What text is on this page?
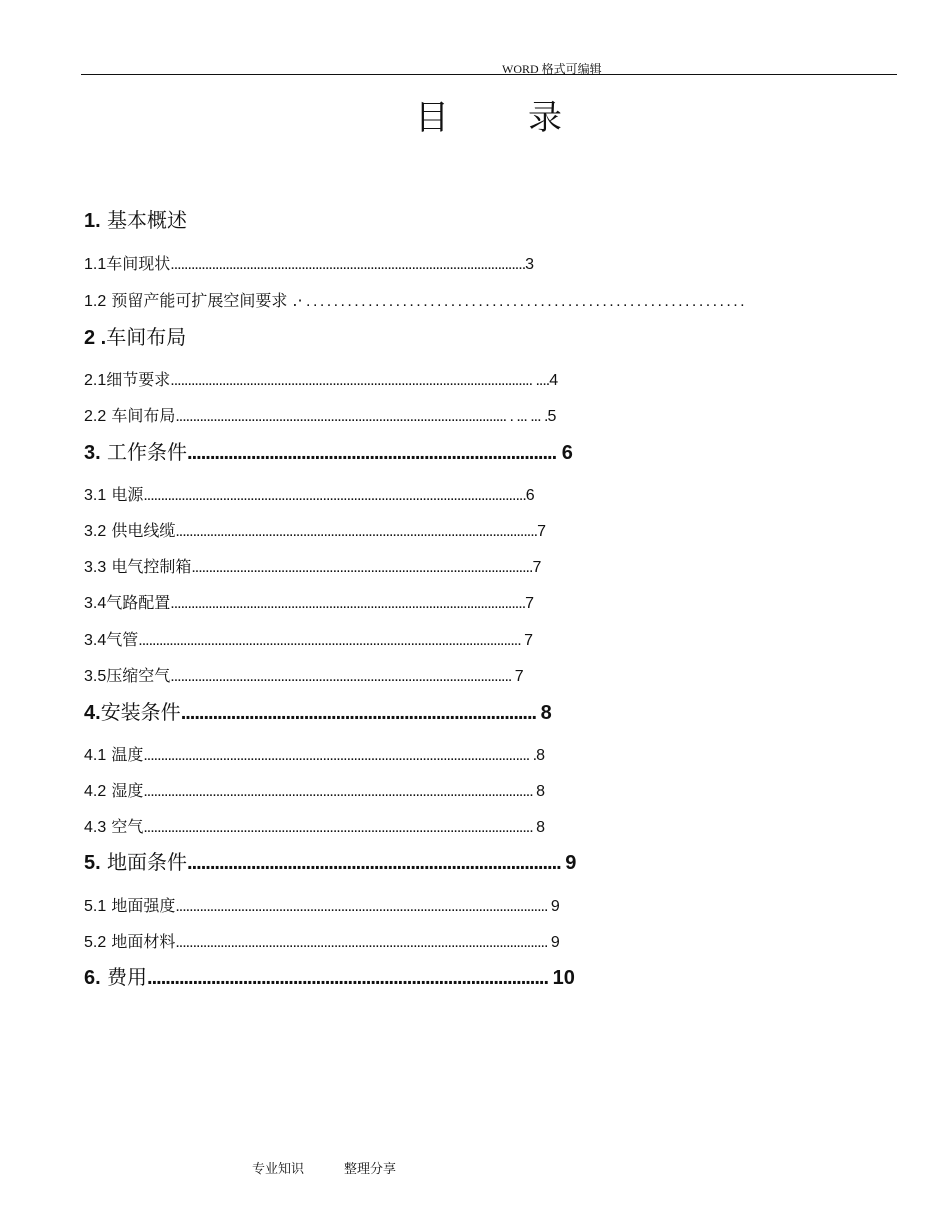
WORD 格式可编辑
目 录
1. 基本概述
1.1车间现状.......................................................................................................3
1.2 预留产能可扩展空间要求 .· . . . . . . . . . . . . . . . . . . . . . . . . . . . . . . . . . . . . . . . . . . . . . . . . . . . . . . . . . . . . . . . .
2 .车间布局
2.1细节要求......................................................................................................... ....4
2.2 车间布局................................................................................................ . ... ... .5
3. 工作条件................................................................................. 6
3.1 电源...............................................................................................................6
3.2 供电线缆.........................................................................................................7
3.3 电气控制箱...................................................................................................7
3.4气路配置.......................................................................................................7
3.4气管............................................................................................................... 7
3.5压缩空气................................................................................................... 7
4.安装条件.............................................................................. 8
4.1 温度................................................................................................................ .8
4.2 湿度................................................................................................................. 8
4.3 空气................................................................................................................. 8
5. 地面条件.................................................................................. 9
5.1 地面强度............................................................................................................ 9
5.2 地面材料............................................................................................................ 9
6. 费用........................................................................................ 10
专业知识	整理分享
